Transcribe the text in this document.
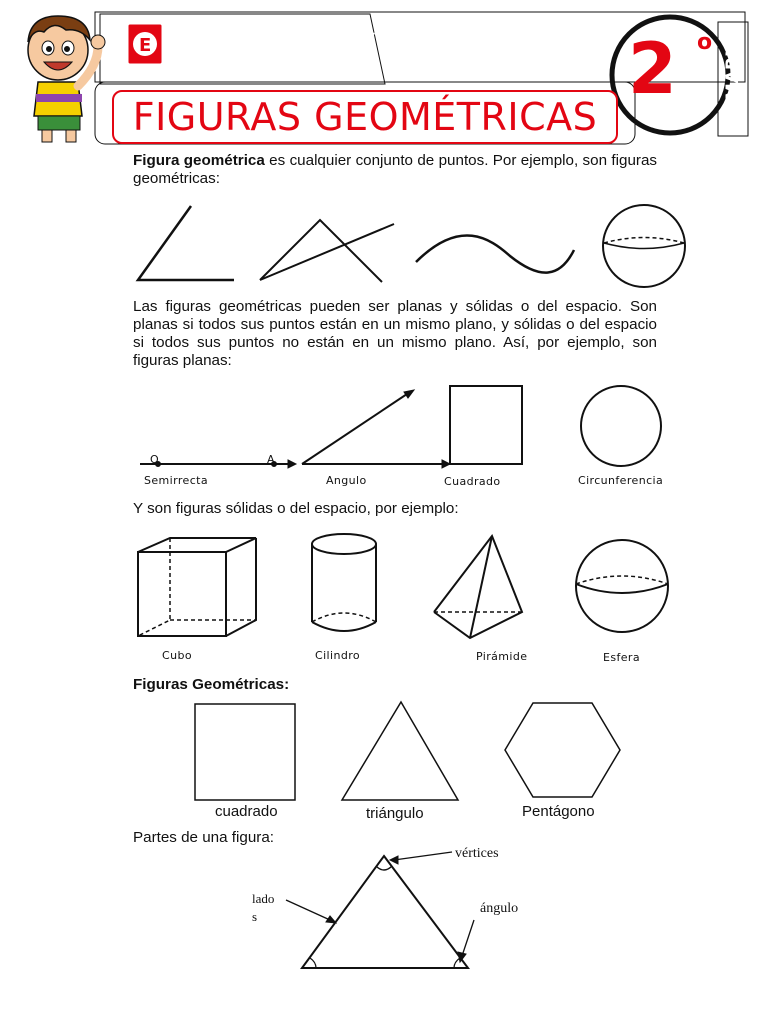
E EDUCAREMOS LÓGICO
MATEMÁTICA
FIGURAS GEOMÉTRICAS
2 o PRIMARIA
Figura geométrica es cualquier conjunto de puntos. Por ejemplo, son figuras geométricas:
Las figuras geométricas pueden ser planas y sólidas o del espacio. Son planas si todos sus puntos están en un mismo plano, y sólidas o del espacio si todos sus puntos no están en un mismo plano. Así, por ejemplo, son figuras planas:
O	A
Semirrecta	Angulo	Cuadrado	Circunferencia
Y son figuras sólidas o del espacio, por ejemplo:
Cubo	Cilindro	Pirámide	Esfera
Figuras Geométricas:
cuadrado	triángulo	Pentágono
Partes de una figura:
vértices
lado
s
ángulo
